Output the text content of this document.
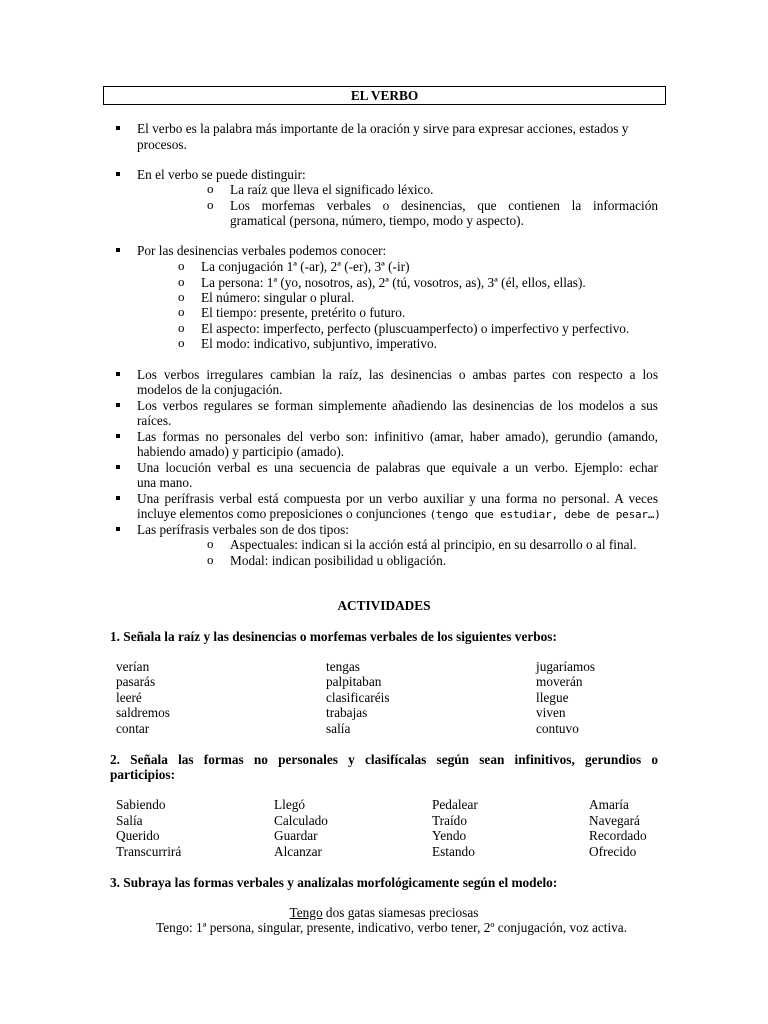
EL VERBO
El verbo es la palabra más importante de la oración y sirve para expresar acciones, estados y
procesos.
En el verbo se puede distinguir:
o La raíz que lleva el significado léxico.
o Los morfemas verbales o desinencias, que contienen la información
gramatical (persona, número, tiempo, modo y aspecto).
Por las desinencias verbales podemos conocer:
o La conjugación 1ª (-ar), 2ª (-er), 3ª (-ir)
o La persona: 1ª (yo, nosotros, as), 2ª (tú, vosotros, as), 3ª (él, ellos, ellas).
o El número: singular o plural.
o El tiempo: presente, pretérito o futuro.
o El aspecto: imperfecto, perfecto (pluscuamperfecto) o imperfectivo y perfectivo.
o El modo: indicativo, subjuntivo, imperativo.
Los verbos irregulares cambian la raíz, las desinencias o ambas partes con respecto a los
modelos de la conjugación.
Los verbos regulares se forman simplemente añadiendo las desinencias de los modelos a sus
raíces.
Las formas no personales del verbo son: infinitivo (amar, haber amado), gerundio (amando,
habiendo amado) y participio (amado).
Una locución verbal es una secuencia de palabras que equivale a un verbo. Ejemplo: echar
una mano.
Una perífrasis verbal está compuesta por un verbo auxiliar y una forma no personal. A veces
incluye elementos como preposiciones o conjunciones (tengo que estudiar, debe de pesar…)
Las perífrasis verbales son de dos tipos:
o Aspectuales: indican si la acción está al principio, en su desarrollo o al final.
o Modal: indican posibilidad u obligación.
ACTIVIDADES
1. Señala la raíz y las desinencias o morfemas verbales de los siguientes verbos:
verían
pasarás
leeré
saldremos
contar
tengas
palpitaban
clasificaréis
trabajas
salía
jugaríamos
moverán
llegue
viven
contuvo
2. Señala las formas no personales y clasifícalas según sean infinitivos, gerundios o
participios:
Sabiendo
Salía
Querido
Transcurrirá
Llegó
Calculado
Guardar
Alcanzar
Pedalear
Traído
Yendo
Estando
Amaría
Navegará
Recordado
Ofrecido
3. Subraya las formas verbales y analízalas morfológicamente según el modelo:
Tengo dos gatas siamesas preciosas
Tengo: 1ª persona, singular, presente, indicativo, verbo tener, 2º conjugación, voz activa.
